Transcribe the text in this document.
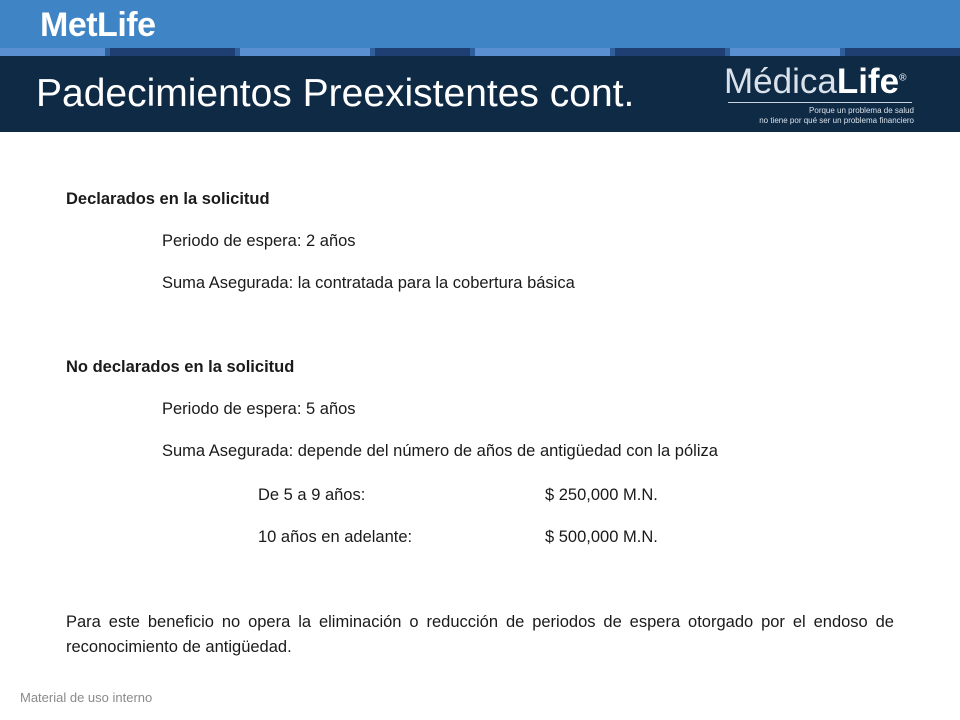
MetLife
Padecimientos Preexistentes cont.	MédicaLife®
Porque un problema de salud
no tiene por qué ser un problema financiero
Declarados en la solicitud
Periodo de espera: 2 años
Suma Asegurada: la contratada para la cobertura básica
No declarados en la solicitud
Periodo de espera: 5 años
Suma Asegurada: depende del número de años de antigüedad con la póliza
De 5 a 9 años:	$ 250,000 M.N.
10 años en adelante:	$ 500,000 M.N.
Para este beneficio no opera la eliminación o reducción de periodos de espera otorgado por el endoso de reconocimiento de antigüedad.
Material de uso interno
